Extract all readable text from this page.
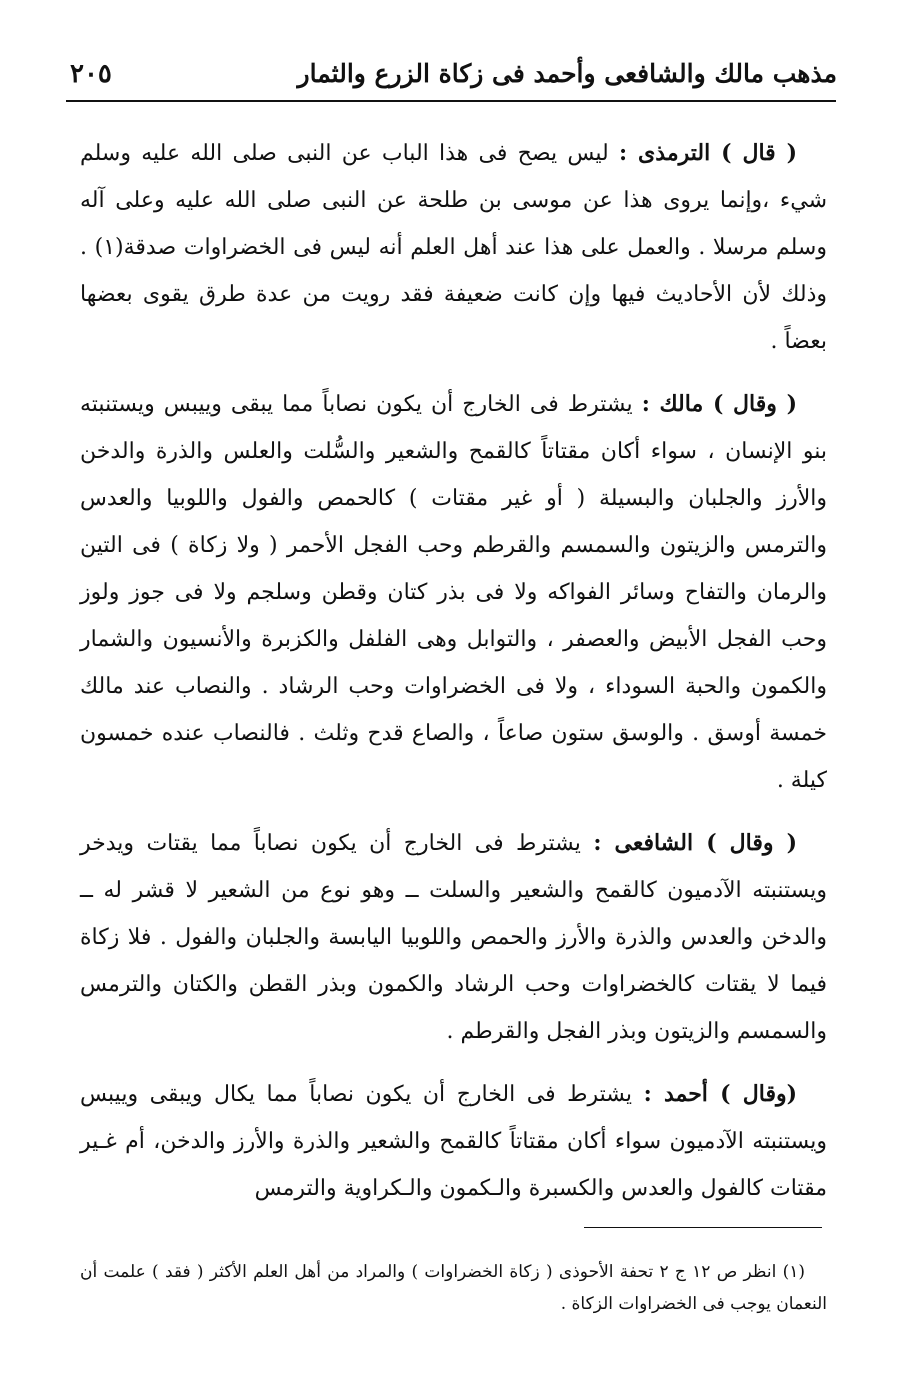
مذهب مالك والشافعى وأحمد فى زكاة الزرع والثمار
٢٠٥

( قال ) الترمذى : ليس يصح فى هذا الباب عن النبى صلى الله عليه وسلم شيء ،وإنما يروى هذا عن موسى بن طلحة عن النبى صلى الله عليه وعلى آله وسلم مرسلا . والعمل على هذا عند أهل العلم أنه ليس فى الخضراوات صدقة(١) . وذلك لأن الأحاديث فيها وإن كانت ضعيفة فقد رويت من عدة طرق يقوى بعضها بعضاً .

( وقال ) مالك : يشترط فى الخارج أن يكون نصاباً مما يبقى وييبس ويستنبته بنو الإنسان ، سواء أكان مقتاتاً كالقمح والشعير والسُّلت والعلس والذرة والدخن والأرز والجلبان والبسيلة ( أو غير مقتات ) كالحمص والفول واللوبيا والعدس والترمس والزيتون والسمسم والقرطم وحب الفجل الأحمر ( ولا زكاة ) فى التين والرمان والتفاح وسائر الفواكه ولا فى بذر كتان وقطن وسلجم ولا فى جوز ولوز وحب الفجل الأبيض والعصفر ، والتوابل وهى الفلفل والكزبرة والأنسيون والشمار والكمون والحبة السوداء ، ولا فى الخضراوات وحب الرشاد . والنصاب عند مالك خمسة أوسق . والوسق ستون صاعاً ، والصاع قدح وثلث . فالنصاب عنده خمسون كيلة .

( وقال ) الشافعى : يشترط فى الخارج أن يكون نصاباً مما يقتات ويدخر ويستنبته الآدميون كالقمح والشعير والسلت ــ وهو نوع من الشعير لا قشر له ــ والدخن والعدس والذرة والأرز والحمص واللوبيا اليابسة والجلبان والفول . فلا زكاة فيما لا يقتات كالخضراوات وحب الرشاد والكمون وبذر القطن والكتان والترمس والسمسم والزيتون وبذر الفجل والقرطم .

(وقال ) أحمد : يشترط فى الخارج أن يكون نصاباً مما يكال ويبقى وييبس ويستنبته الآدميون سواء أكان مقتاتاً كالقمح والشعير والذرة والأرز والدخن، أم غـير مقتات كالفول والعدس والكسبرة والـكمون والـكراوية والترمس

(١) انظر ص ١٢ ج ٢ تحفة الأحوذى ( زكاة الخضراوات ) والمراد من أهل العلم الأكثر ( فقد ) علمت أن النعمان يوجب فى الخضراوات الزكاة .
